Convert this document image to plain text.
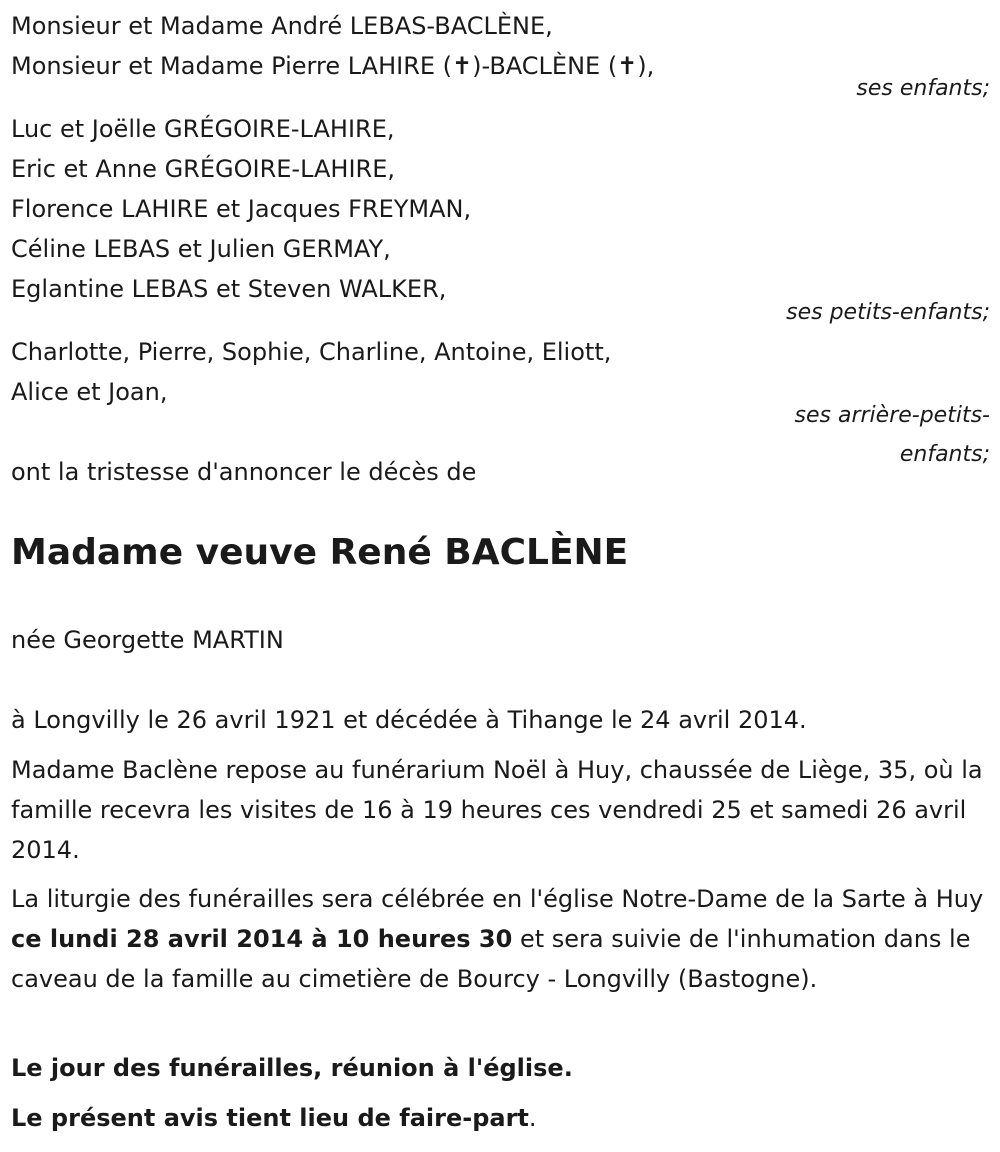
Monsieur et Madame André LEBAS-BACLÈNE,
Monsieur et Madame Pierre LAHIRE (✝)-BACLÈNE (✝),
ses enfants;
Luc et Joëlle GRÉGOIRE-LAHIRE,
Eric et Anne GRÉGOIRE-LAHIRE,
Florence LAHIRE et Jacques FREYMAN,
Céline LEBAS et Julien GERMAY,
Eglantine LEBAS et Steven WALKER,
ses petits-enfants;
Charlotte, Pierre, Sophie, Charline, Antoine, Eliott,
Alice et Joan,
ses arrière-petits-
enfants;
ont la tristesse d'annoncer le décès de
Madame veuve René BACLÈNE
née Georgette MARTIN
à Longvilly le 26 avril 1921 et décédée à Tihange le 24 avril 2014.
Madame Baclène repose au funérarium Noël à Huy, chaussée de Liège, 35, où la famille recevra les visites de 16 à 19 heures ces vendredi 25 et samedi 26 avril 2014.
La liturgie des funérailles sera célébrée en l'église Notre-Dame de la Sarte à Huy ce lundi 28 avril 2014 à 10 heures 30 et sera suivie de l'inhumation dans le caveau de la famille au cimetière de Bourcy - Longvilly (Bastogne).
Le jour des funérailles, réunion à l'église.
Le présent avis tient lieu de faire-part.
